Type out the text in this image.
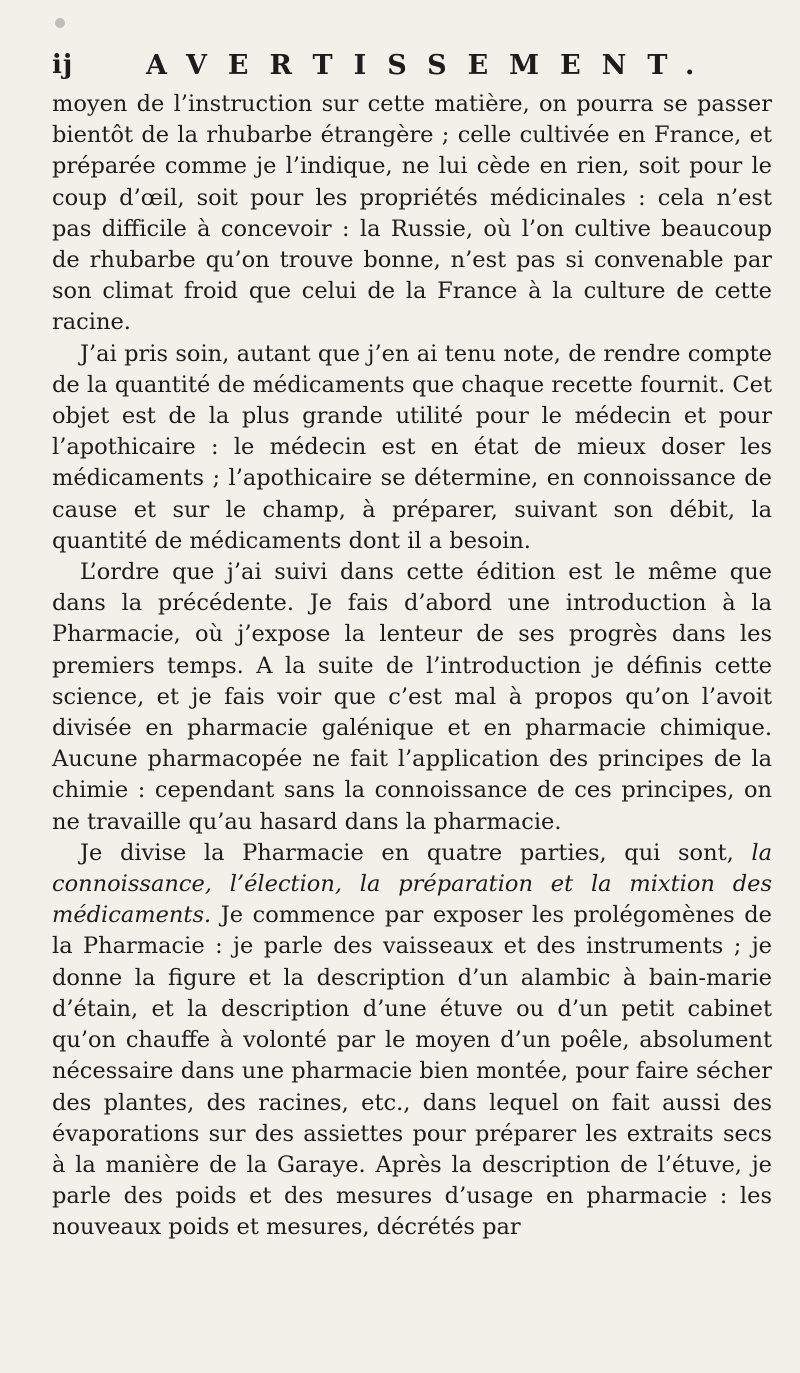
ij	AVERTISSEMENT.

moyen de l’instruction sur cette matière, on pourra se passer bientôt de la rhubarbe étrangère ; celle cultivée en France, et préparée comme je l’indique, ne lui cède en rien, soit pour le coup d’œil, soit pour les propriétés médicinales : cela n’est pas difficile à concevoir : la Russie, où l’on cultive beaucoup de rhubarbe qu’on trouve bonne, n’est pas si convenable par son climat froid que celui de la France à la culture de cette racine.

J’ai pris soin, autant que j’en ai tenu note, de rendre compte de la quantité de médicaments que chaque recette fournit. Cet objet est de la plus grande utilité pour le médecin et pour l’apothicaire : le médecin est en état de mieux doser les médicaments ; l’apothicaire se détermine, en connoissance de cause et sur le champ, à préparer, suivant son débit, la quantité de médicaments dont il a besoin.

L’ordre que j’ai suivi dans cette édition est le même que dans la précédente. Je fais d’abord une introduction à la Pharmacie, où j’expose la lenteur de ses progrès dans les premiers temps. A la suite de l’introduction je définis cette science, et je fais voir que c’est mal à propos qu’on l’avoit divisée en pharmacie galénique et en pharmacie chimique. Aucune pharmacopée ne fait l’application des principes de la chimie : cependant sans la connoissance de ces principes, on ne travaille qu’au hasard dans la pharmacie.

Je divise la Pharmacie en quatre parties, qui sont, la connoissance, l’élection, la préparation et la mixtion des médicaments. Je commence par exposer les prolégomènes de la Pharmacie : je parle des vaisseaux et des instruments ; je donne la figure et la description d’un alambic à bain-marie d’étain, et la description d’une étuve ou d’un petit cabinet qu’on chauffe à volonté par le moyen d’un poêle, absolument nécessaire dans une pharmacie bien montée, pour faire sécher des plantes, des racines, etc., dans lequel on fait aussi des évaporations sur des assiettes pour préparer les extraits secs à la manière de la Garaye. Après la description de l’étuve, je parle des poids et des mesures d’usage en pharmacie : les nouveaux poids et mesures, décrétés par
